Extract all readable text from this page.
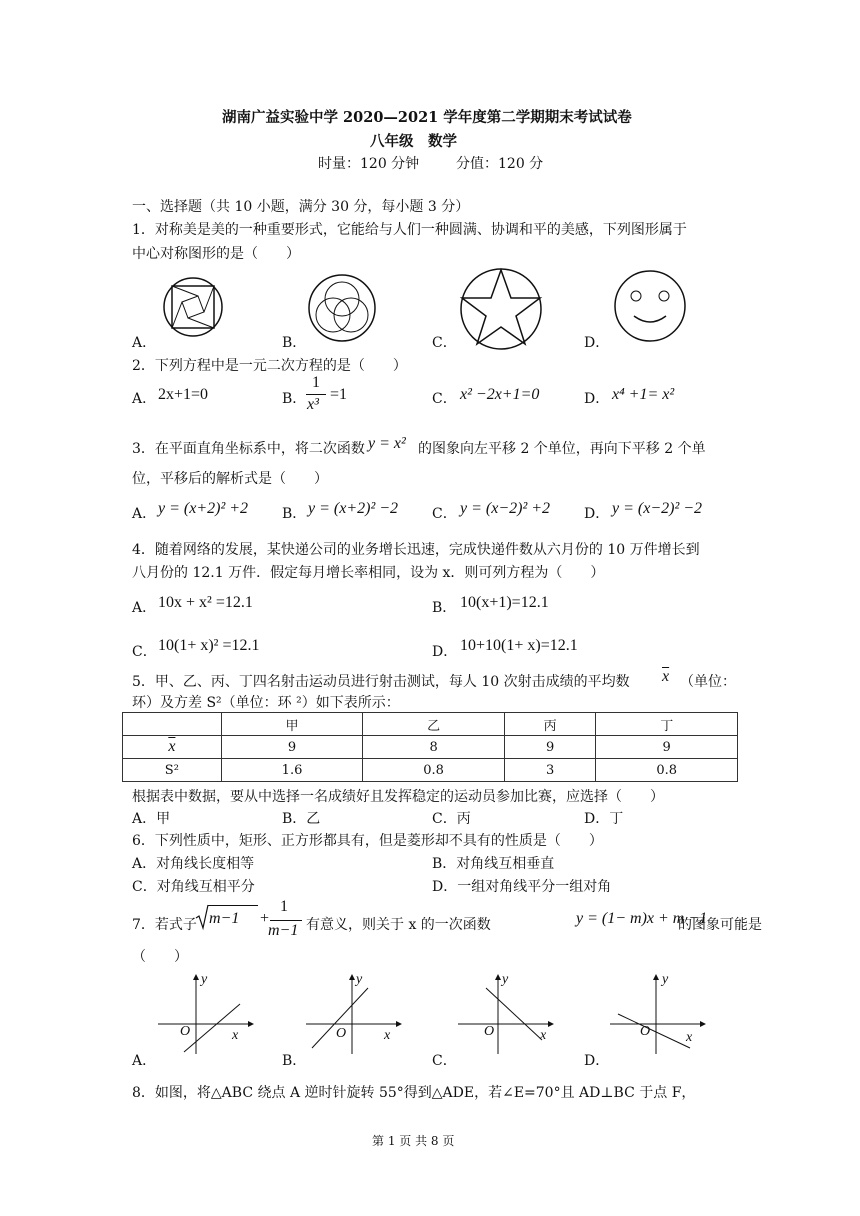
湖南广益实验中学 2020—2021 学年度第二学期期末考试试卷
八年级　数学
时量：120 分钟	分值：120 分
一、选择题（共 10 小题，满分 30 分，每小题 3 分）
1．对称美是美的一种重要形式，它能给与人们一种圆满、协调和平的美感，下列图形属于
中心对称图形的是（　　）
A．	B．	C．	D．
2．下列方程中是一元二次方程的是（　　）
A． 2x+1=0	B．
1
x³
=1	C． x² −2x+1=0	D． x⁴ +1= x²
3．在平面直角坐标系中，将二次函数 y = x² 的图象向左平移 2 个单位，再向下平移 2 个单
位，平移后的解析式是（　　）
A． y = (x+2)² +2 B． y = (x+2)² −2 C． y = (x−2)² +2 D． y = (x−2)² −2
4．随着网络的发展，某快递公司的业务增长迅速，完成快递件数从六月份的 10 万件增长到
八月份的 12.1 万件．假定每月增长率相同，设为 x．则可列方程为（　　）
A． 10x + x² =12.1	B． 10(x+1)=12.1
C． 10(1+ x)² =12.1	D． 10+10(1+ x)=12.1
5．甲、乙、丙、丁四名射击运动员进行射击测试，每人 10 次射击成绩的平均数 $\overline{x}$ （单位：
环）及方差 S²（单位：环 ²）如下表所示：
	甲	乙	丙	丁
$\overline{x}$	9	8	9	9
S²	1.6	0.8	3	0.8
根据表中数据，要从中选择一名成绩好且发挥稳定的运动员参加比赛，应选择（　　）
A．甲	B．乙	C．丙	D．丁
6．下列性质中，矩形、正方形都具有，但是菱形却不具有的性质是（　　）
A．对角线长度相等	B．对角线互相垂直
C．对角线互相平分	D．一组对角线平分一组对角
7．若式子 m−1 +
1
m−1 有意义，则关于 x 的一次函数	y = (1− m)x + m −1
的图象可能是
（　　）
y
O	x
y
O	x
y
O	x
y
O	x
A．	B．	C．	D．
8．如图，将△ABC 绕点 A 逆时针旋转 55°得到△ADE，若∠E=70°且 AD⊥BC 于点 F，
第 1 页 共 8 页
